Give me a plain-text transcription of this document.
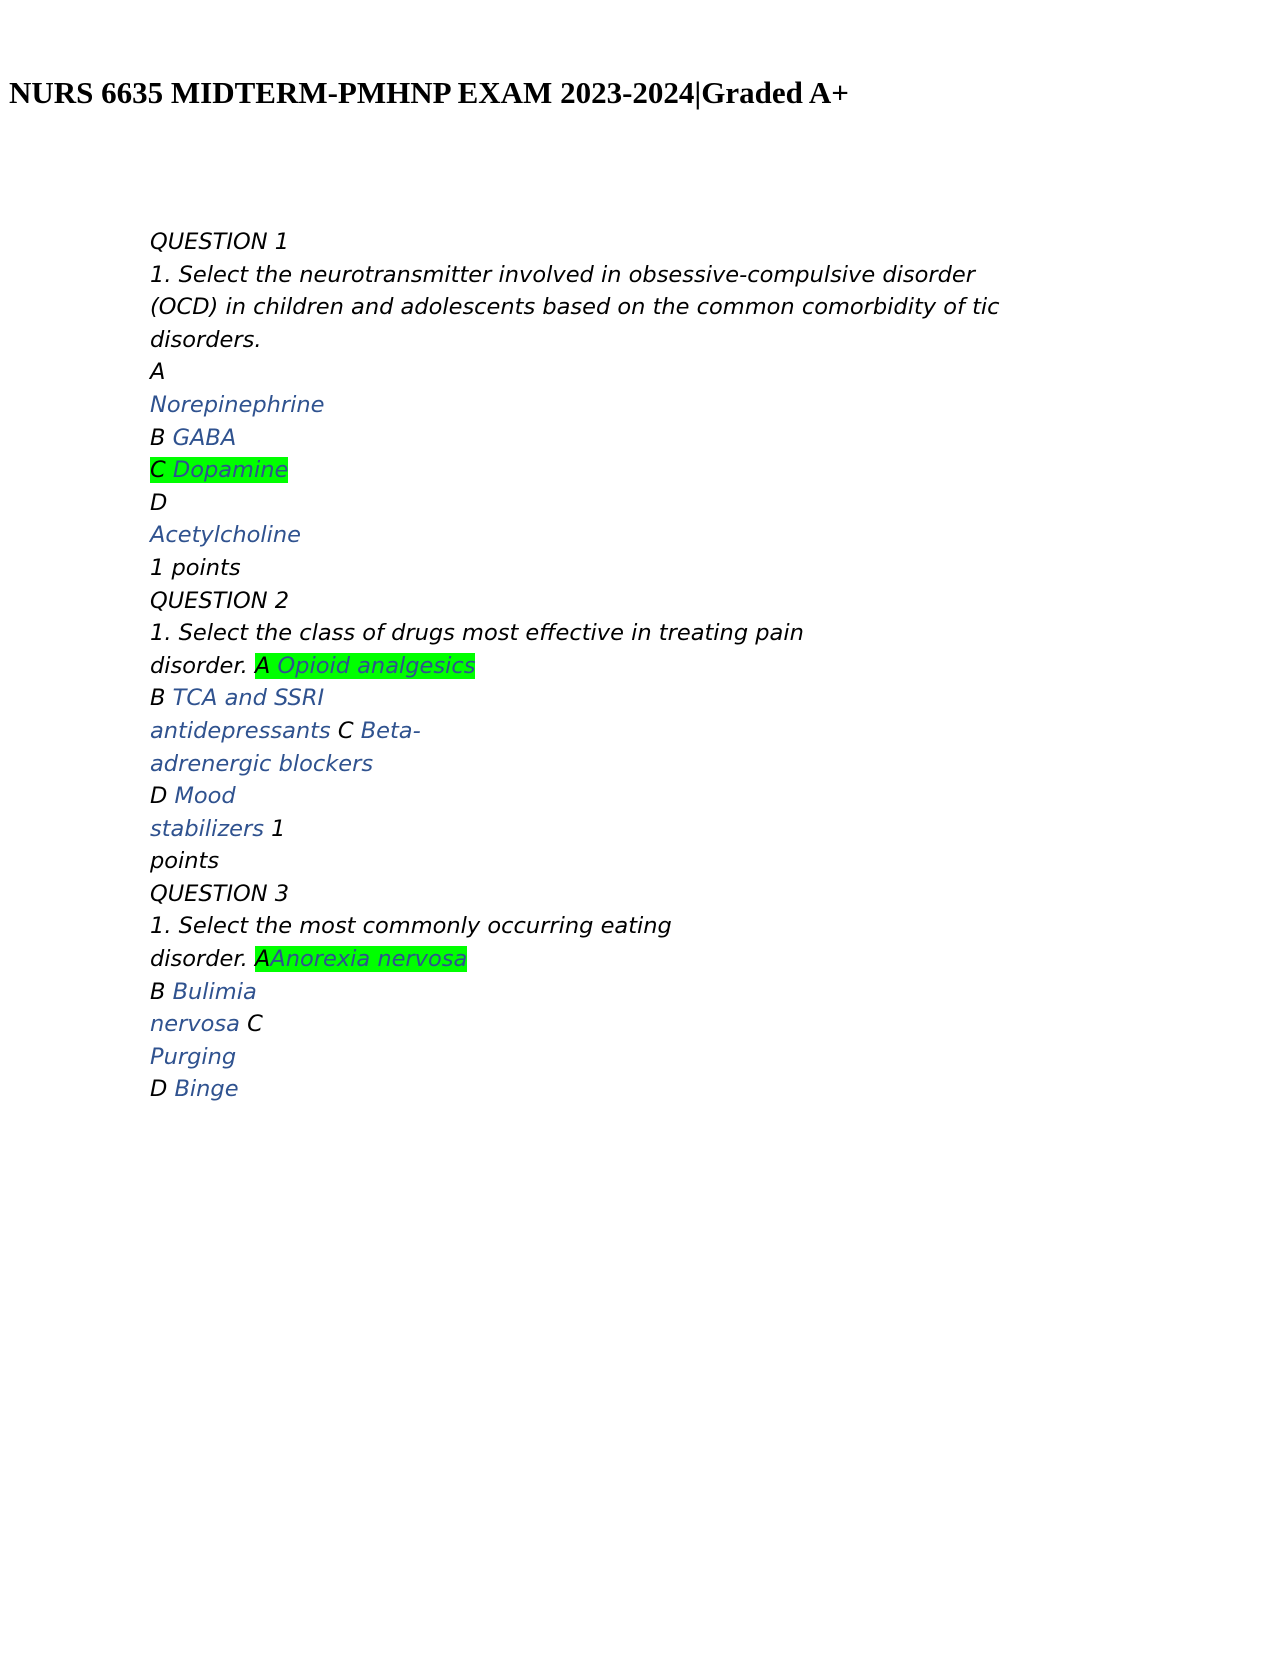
NURS 6635 MIDTERM-PMHNP EXAM 2023-2024|Graded A+
QUESTION 1
1. Select the neurotransmitter involved in obsessive-compulsive disorder
(OCD) in children and adolescents based on the common comorbidity of tic
disorders.
A
Norepinephrine
B GABA
C Dopamine
D
Acetylcholine
1 points
QUESTION 2
1. Select the class of drugs most effective in treating pain
disorder. A Opioid analgesics
B TCA and SSRI
antidepressants C Beta-
adrenergic blockers
D Mood
stabilizers 1
points
QUESTION 3
1. Select the most commonly occurring eating
disorder. AAnorexia nervosa
B Bulimia
nervosa C
Purging
D Binge
